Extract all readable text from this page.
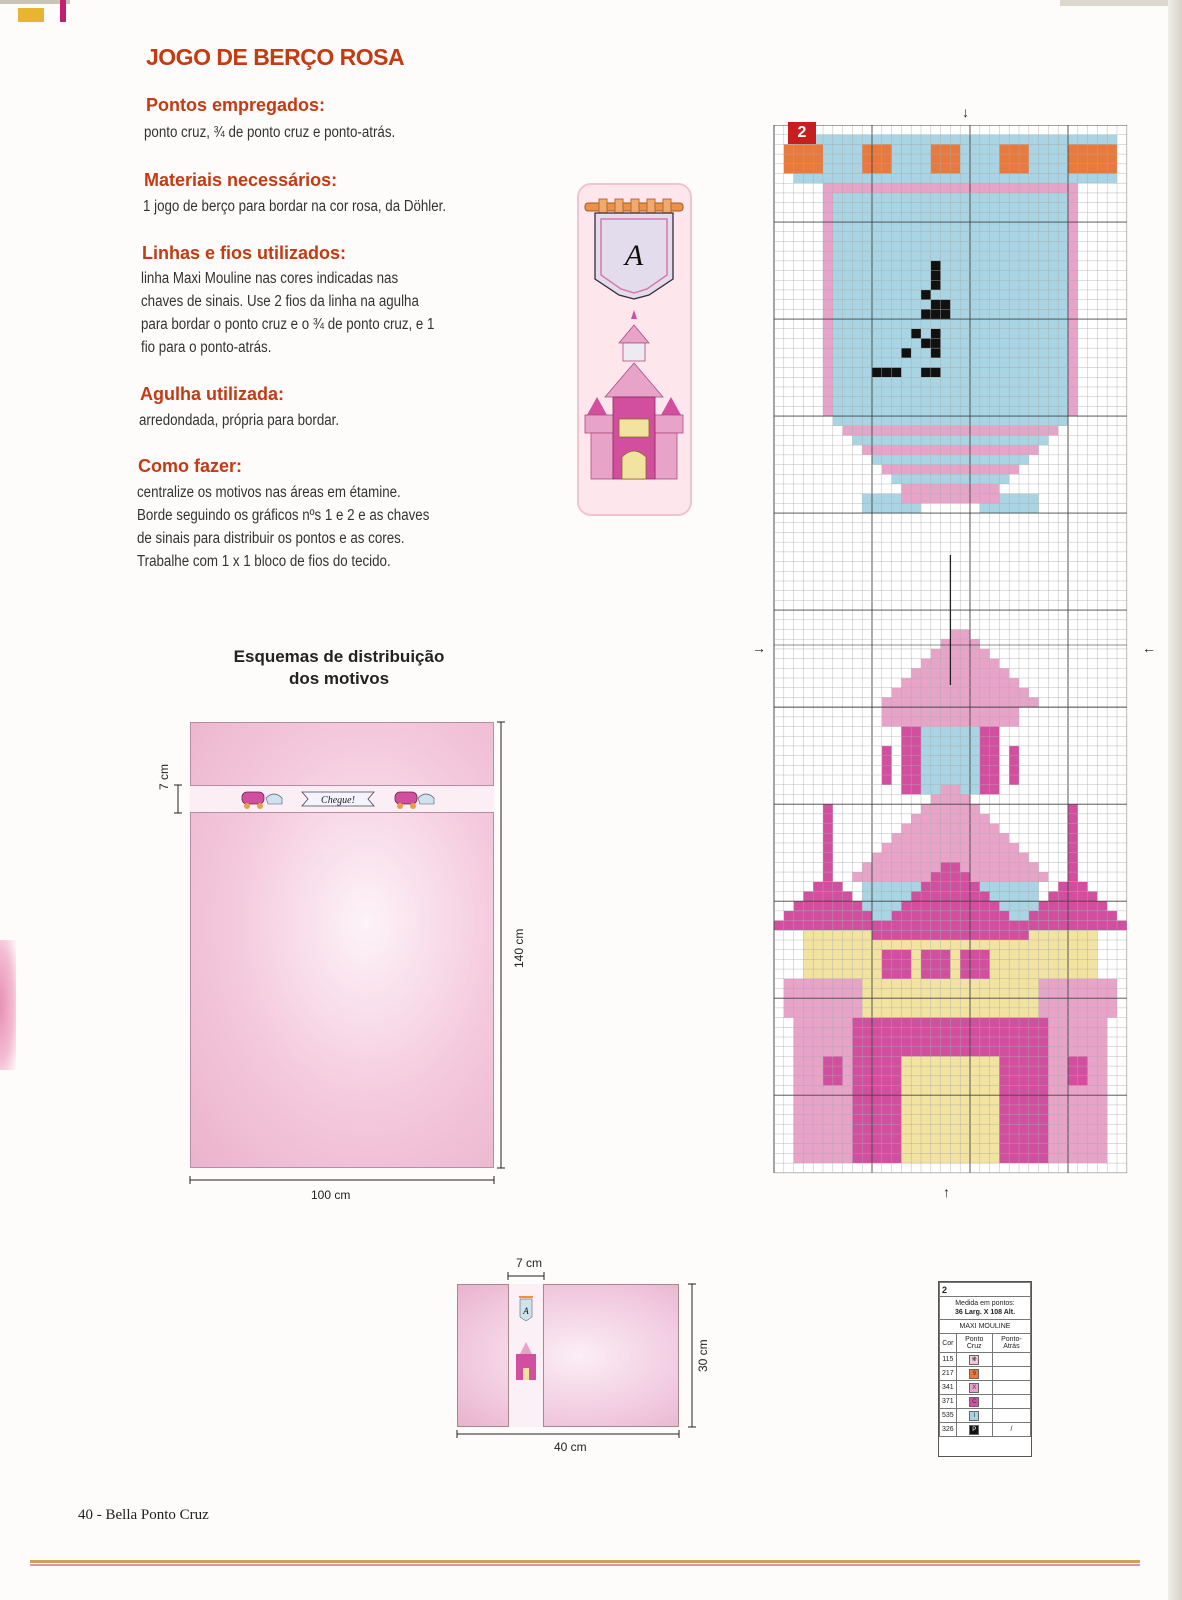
JOGO DE BERÇO ROSA
Pontos empregados:
ponto cruz, ¾ de ponto cruz e ponto-atrás.
Materiais necessários:
1 jogo de berço para bordar na cor rosa, da Döhler.
Linhas e fios utilizados:
linha Maxi Mouline nas cores indicadas nas
chaves de sinais. Use 2 fios da linha na agulha
para bordar o ponto cruz e o ¾ de ponto cruz, e 1
fio para o ponto-atrás.
Agulha utilizada:
arredondada, própria para bordar.
Como fazer:
centralize os motivos nas áreas em étamine.
Borde seguindo os gráficos nºs 1 e 2 e as chaves
de sinais para distribuir os pontos e as cores.
Trabalhe com 1 x 1 bloco de fios do tecido.
A
Esquemas de distribuição
dos motivos
Chegue!
7 cm
140 cm
100 cm
A
7 cm
30 cm
40 cm
2
↓
↑
→	←
2		

Medida em pontos:
36 Larg. X 108 Alt.		

MAXI MOULINE		
Cor	Ponto Cruz	Ponto-Atrás
115	❋	
217	9	
341	X	
371	C	
535	I	
326	P	/
40 - Bella Ponto Cruz
